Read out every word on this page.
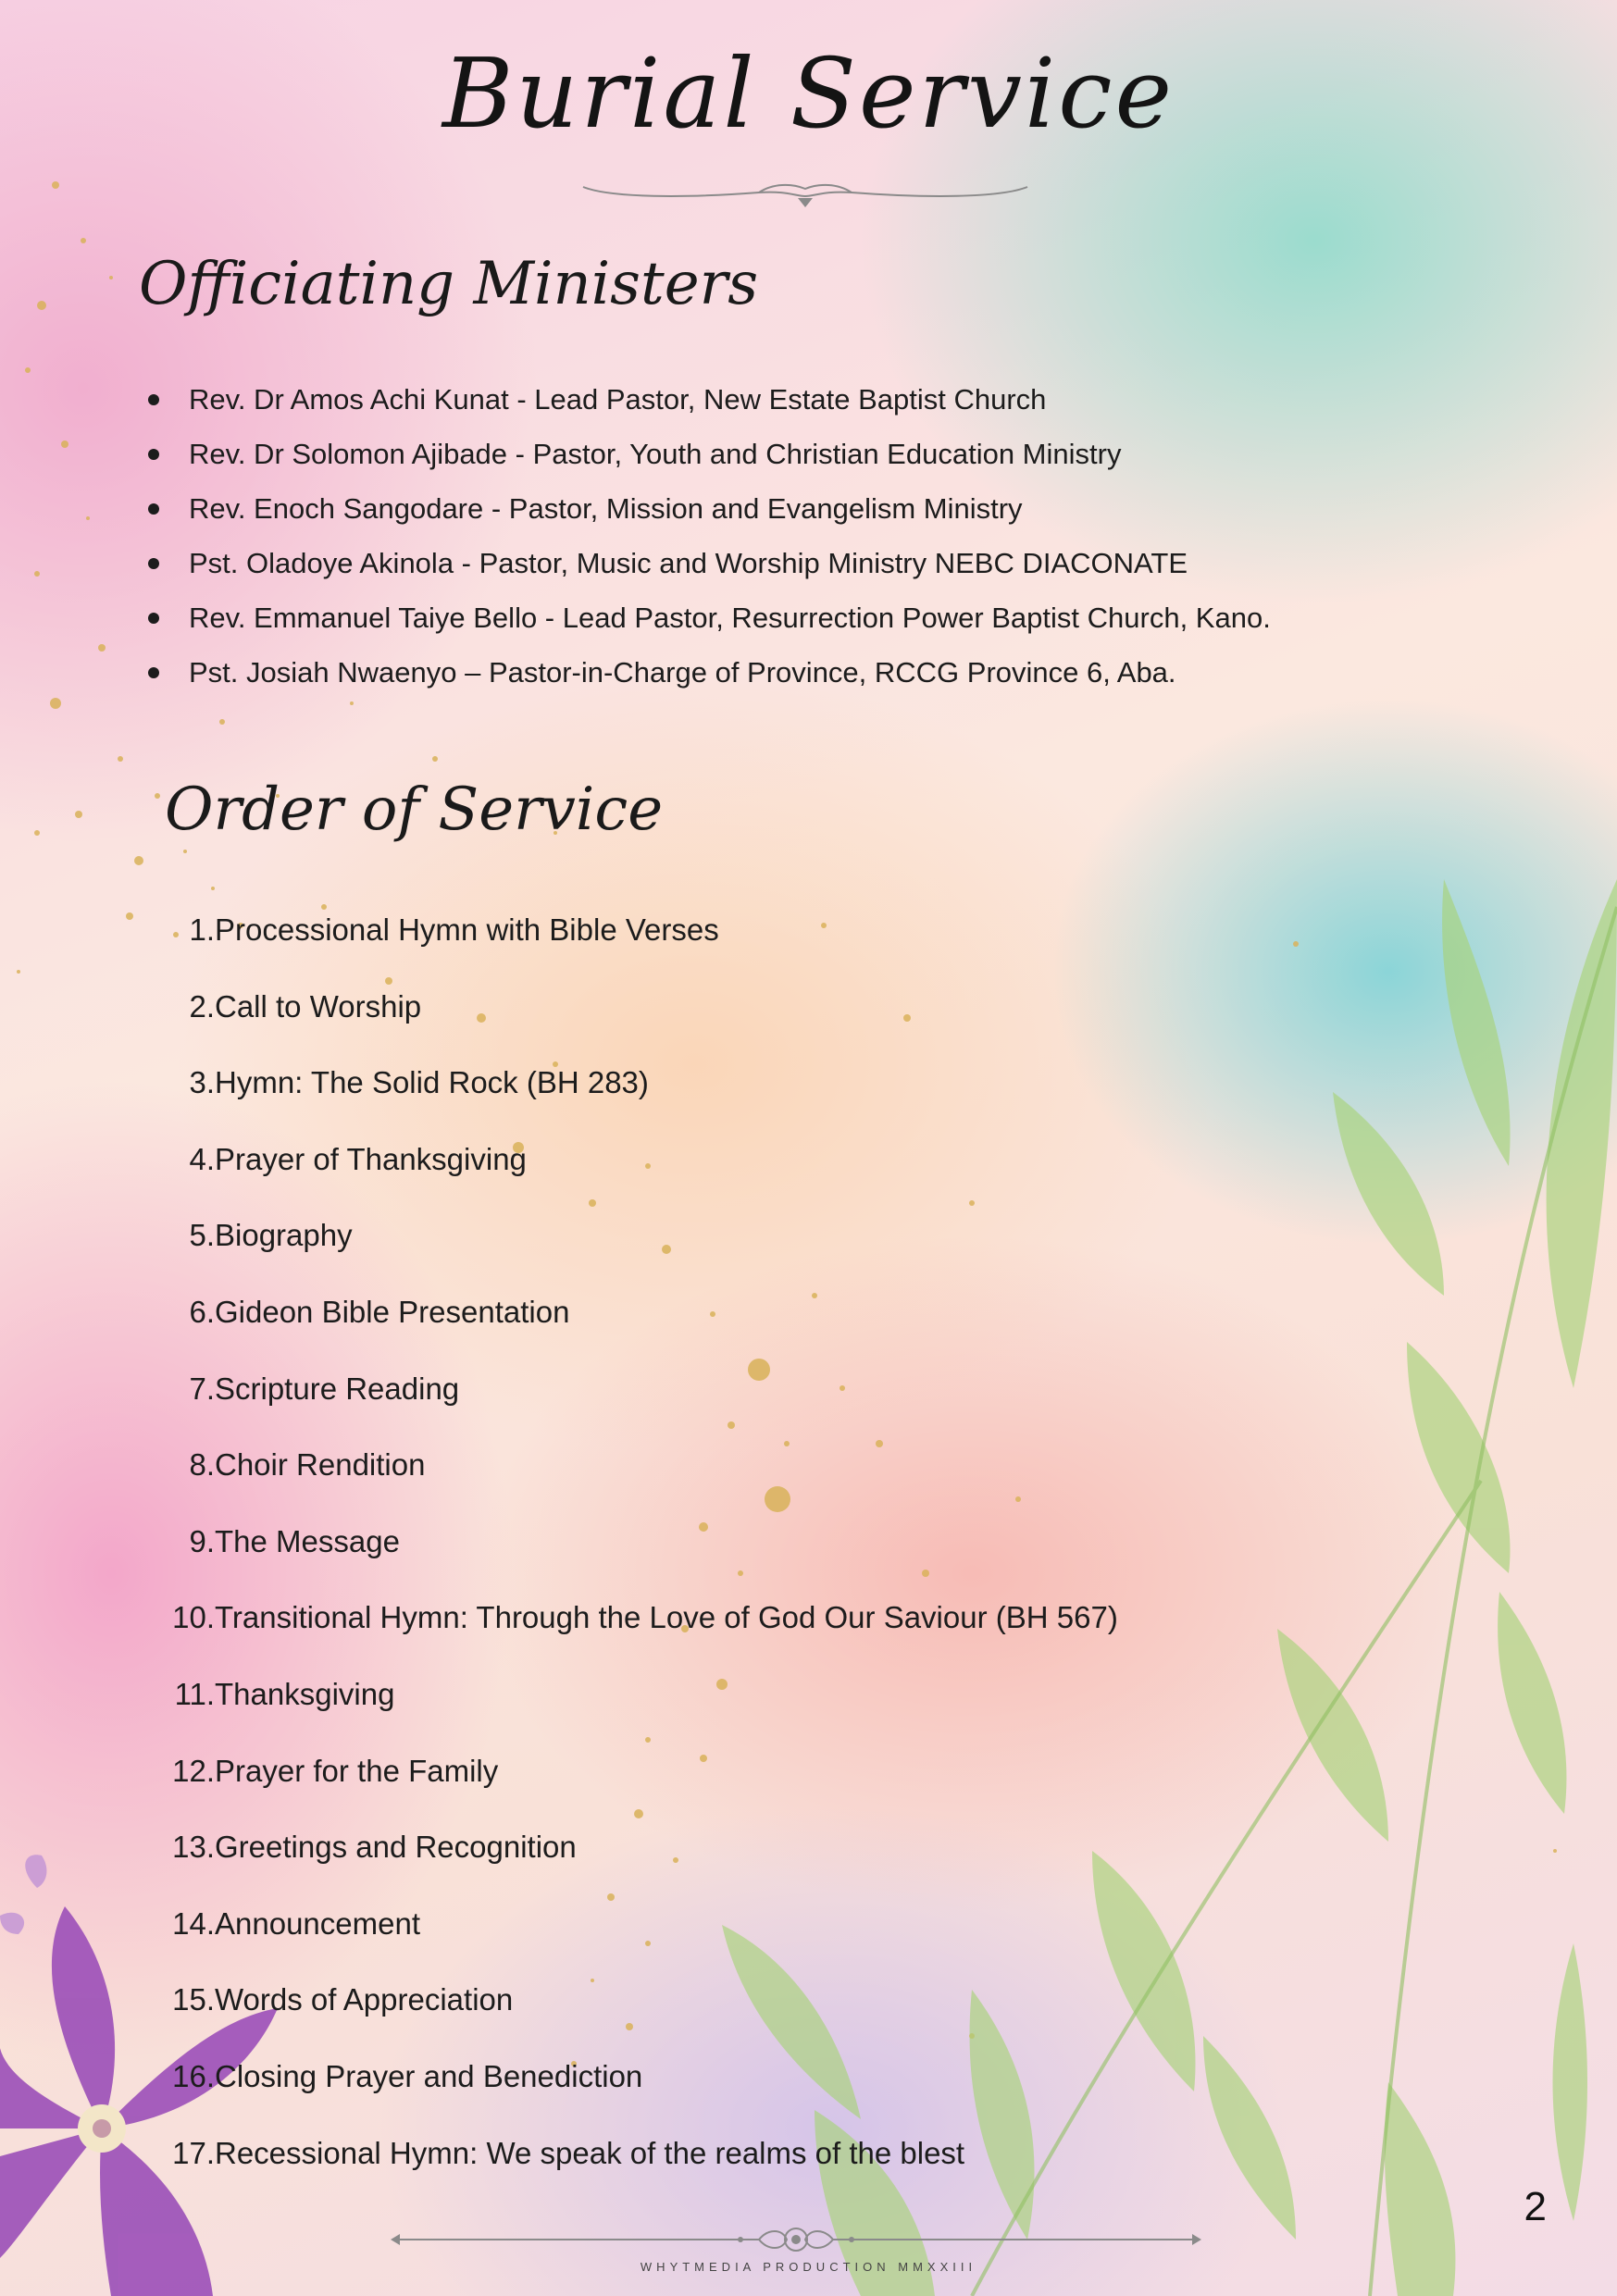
Burial Service
Officiating Ministers
Rev. Dr Amos Achi Kunat - Lead Pastor, New Estate Baptist Church
Rev. Dr Solomon Ajibade - Pastor, Youth and Christian Education Ministry
Rev. Enoch Sangodare - Pastor, Mission and Evangelism Ministry
Pst. Oladoye Akinola - Pastor, Music and Worship Ministry NEBC DIACONATE
Rev. Emmanuel Taiye Bello - Lead Pastor, Resurrection Power Baptist Church, Kano.
Pst. Josiah Nwaenyo – Pastor-in-Charge of Province, RCCG Province 6, Aba.
Order of Service
1.Processional Hymn with Bible Verses
2.Call to Worship
3.Hymn: The Solid Rock (BH 283)
4.Prayer of Thanksgiving
5.Biography
6.Gideon Bible Presentation
7.Scripture Reading
8.Choir Rendition
9.The Message
10.Transitional Hymn: Through the Love of God Our Saviour (BH 567)
11.Thanksgiving
12.Prayer for the Family
13.Greetings and Recognition
14.Announcement
15.Words of Appreciation
16.Closing Prayer and Benediction
17.Recessional Hymn: We speak of the realms of the blest
2
WHYTMEDIA PRODUCTION MMXXIII
